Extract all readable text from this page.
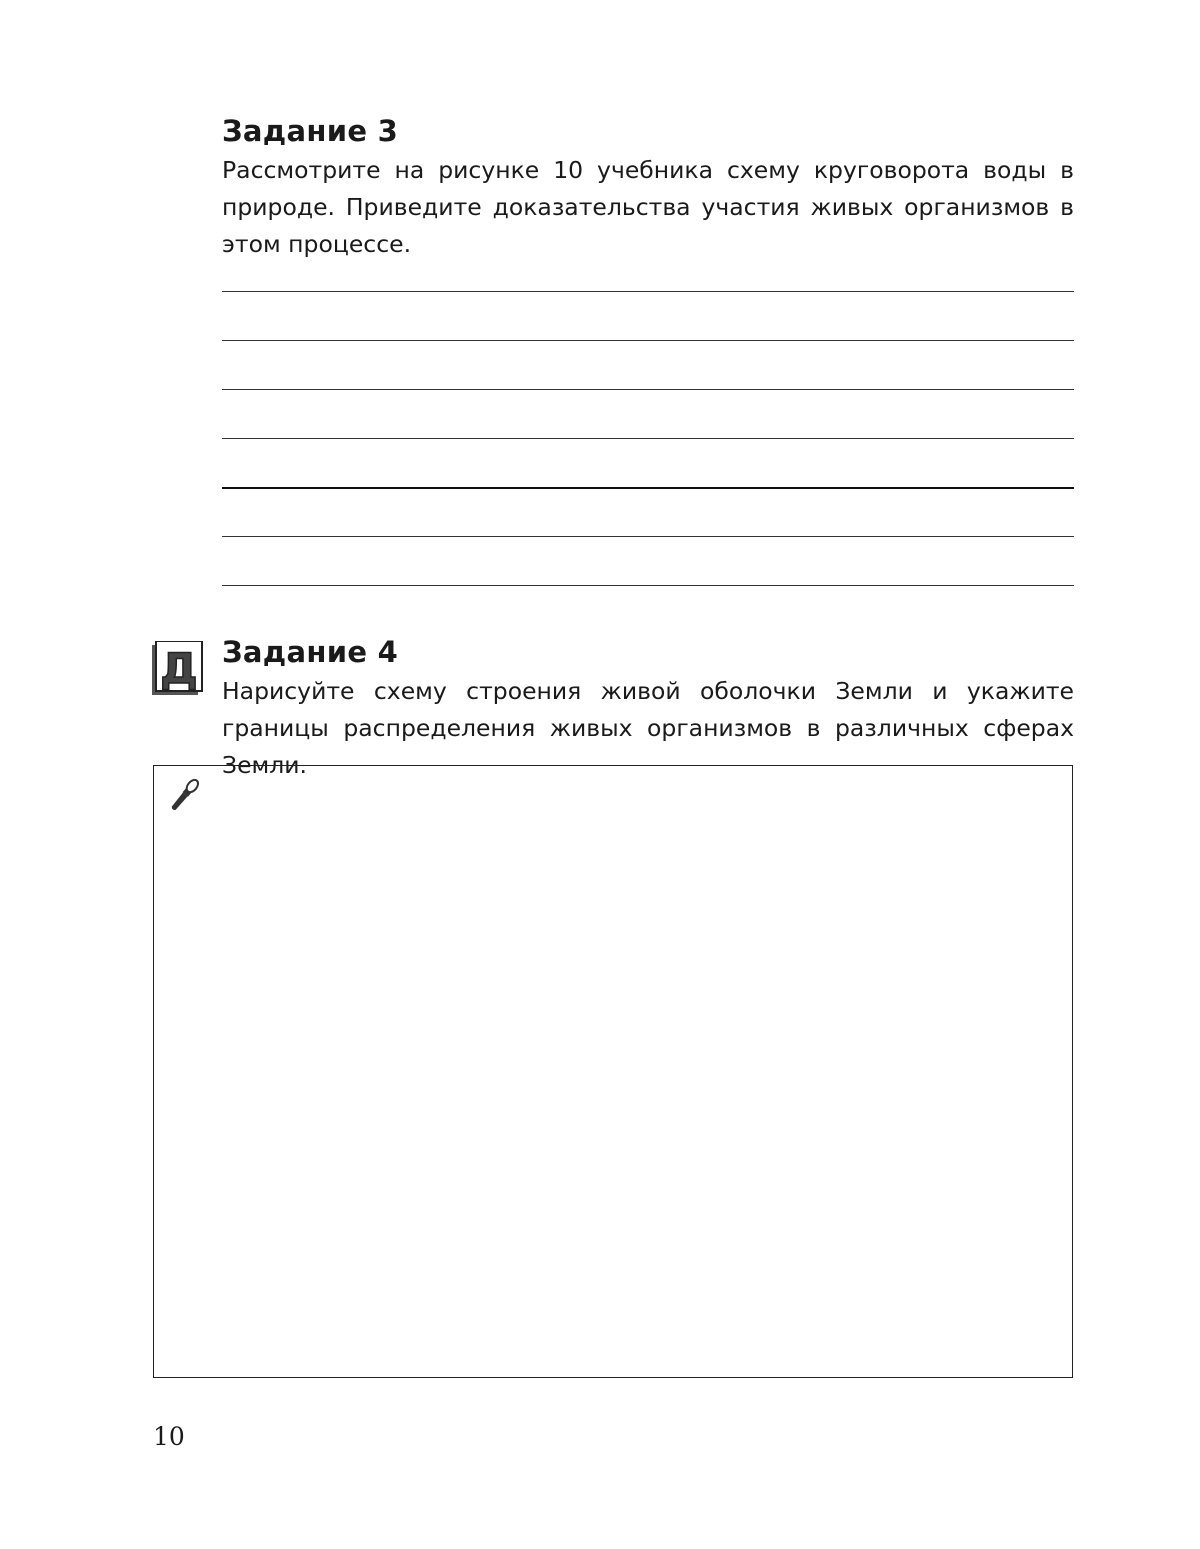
Задание 3

Рассмотрите на рисунке 10 учебника схему круговорота воды в природе. Приведите доказательства участия живых организмов в этом процессе.

Д Задание 4

Нарисуйте схему строения живой оболочки Земли и укажите границы распределения живых организмов в различных сферах Земли.

10
